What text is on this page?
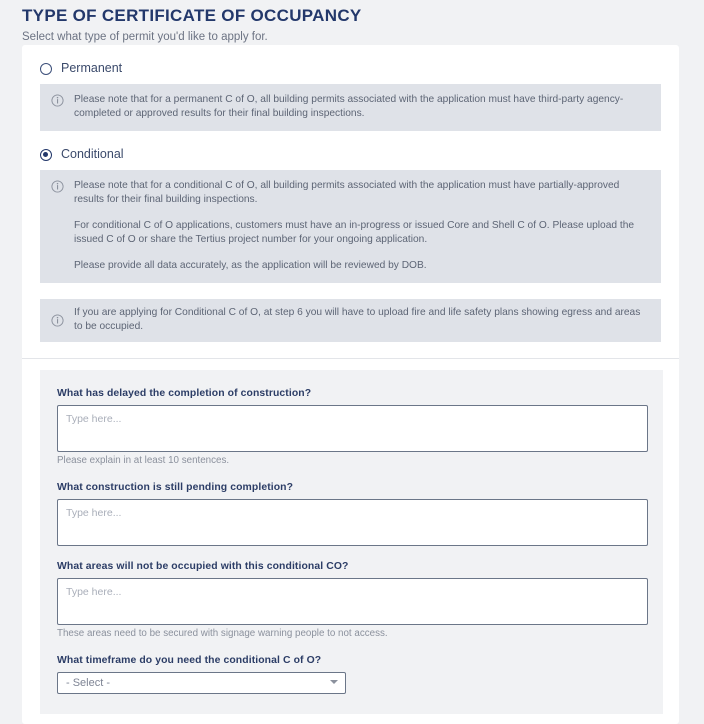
TYPE OF CERTIFICATE OF OCCUPANCY

Select what type of permit you'd like to apply for.

Permanent

Please note that for a permanent C of O, all building permits associated with the application must have third-party agency-completed or approved results for their final building inspections.

Conditional

Please note that for a conditional C of O, all building permits associated with the application must have partially-approved results for their final building inspections.

For conditional C of O applications, customers must have an in-progress or issued Core and Shell C of O. Please upload the issued C of O or share the Tertius project number for your ongoing application.

Please provide all data accurately, as the application will be reviewed by DOB.

If you are applying for Conditional C of O, at step 6 you will have to upload fire and life safety plans showing egress and areas to be occupied.

What has delayed the completion of construction?

Type here...

Please explain in at least 10 sentences.

What construction is still pending completion?

Type here...

What areas will not be occupied with this conditional CO?

Type here...

These areas need to be secured with signage warning people to not access.

What timeframe do you need the conditional C of O?

- Select -
